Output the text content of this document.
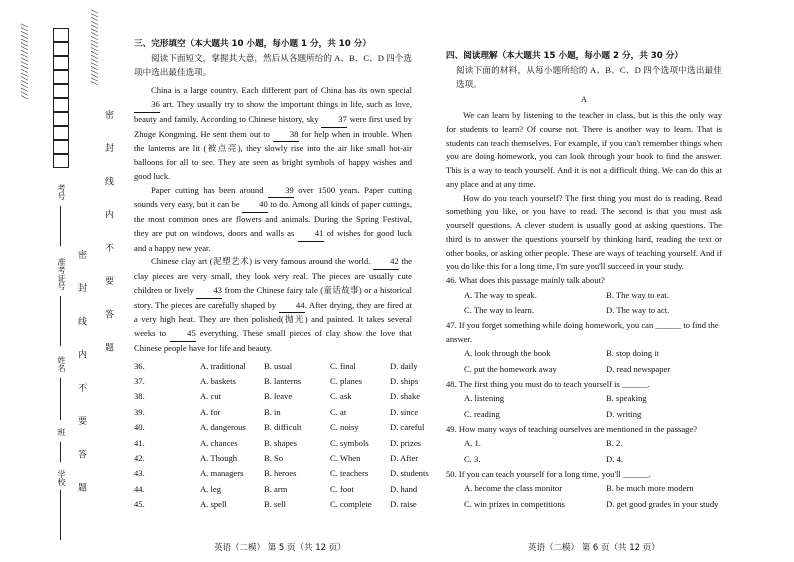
////////////////////	////////////////////
密 封 线 内 不 要 答 题
密 封 线 内 不 要 答 题
考号
准考证号
姓名
班
学校

三、完形填空（本大题共 10 小题，每小题 1 分，共 10 分）

阅读下面短文，掌握其大意，然后从各题所给的 A、B、C、D 四个选项中选出最佳选项。

China is a large country. Each different part of China has its own special 36 art. They usually try to show the important things in life, such as love, beauty and family. According to Chinese history, sky 37 were first used by Zhuge Kongming. He sent them out to 38 for help when in trouble. When the lanterns are lit (被点亮), they slowly rise into the air like small hot-air balloons for all to see. They are seen as bright symbols of happy wishes and good luck.

Paper cutting has been around 39 over 1500 years. Paper cutting sounds very easy, but it can be 40 to do. Among all kinds of paper cuttings, the most common ones are flowers and animals. During the Spring Festival, they are put on windows, doors and walls as 41 of wishes for good luck and a happy new year.

Chinese clay art (泥塑艺术) is very famous around the world. 42 the clay pieces are very small, they look very real. The pieces are usually cute children or lively 43 from the Chinese fairy tale (童话故事) or a historical story. The pieces are carefully shaped by 44. After drying, they are fired at a very high heat. They are then polished(抛光) and painted. It takes several weeks to 45 everything. These small pieces of clay show the love that Chinese people have for life and beauty.

36.	A. traditional	B. usual	C. final	D. daily
37.	A. baskets	B. lanterns	C. planes	D. ships
38.	A. cut	B. leave	C. ask	D. shake
39.	A. for	B. in	C. at	D. since
40.	A. dangerous	B. difficult	C. noisy	D. careful
41.	A. chances	B. shapes	C. symbols	D. prizes
42.	A. Though	B. So	C. When	D. After
43.	A. managers	B. heroes	C. teachers	D. students
44.	A. leg	B. arm	C. foot	D. hand
45.	A. spell	B. sell	C. complete	D. raise
英语（二模） 第 5 页（共 12 页）

四、阅读理解（本大题共 15 小题，每小题 2 分，共 30 分）

阅读下面的材料，从每小题所给的 A、B、C、D 四个选项中选出最佳选项。

A

We can learn by listening to the teacher in class, but is this the only way for students to learn? Of course not. There is another way to learn. That is students can teach themselves. For example, if you can't remember things when you are doing homework, you can look through your book to find the answer. This is a way to teach yourself. And it is not a difficult thing. We can do this at any place and at any time.

How do you teach yourself? The first thing you must do is reading. Read something you like, or you have to read. The second is that you must ask yourself questions. A clever student is usually good at asking questions. The third is to answer the questions yourself by thinking hard, reading the text or other books, or asking other people. These are ways of teaching yourself. And if you do like this for a long time, I'm sure you'll succeed in your study.

46. What does this passage mainly talk about?

A. The way to speak.	B. The way to eat.
C. The way to learn.	D. The way to act.

47. If you forget something while doing homework, you can ______ to find the answer.

A. look through the book	B. stop doing it
C. put the homework away	D. read newspaper

48. The first thing you must do to teach yourself is ______.

A. listening	B. speaking
C. reading	D. writing

49. How many ways of teaching ourselves are mentioned in the passage?

A. 1.	B. 2.
C. 3.	D. 4.

50. If you can teach yourself for a long time, you'll ______.

A. become the class monitor	B. be much more modern
C. win prizes in competitions	D. get good grades in your study
英语（二模） 第 6 页（共 12 页）
